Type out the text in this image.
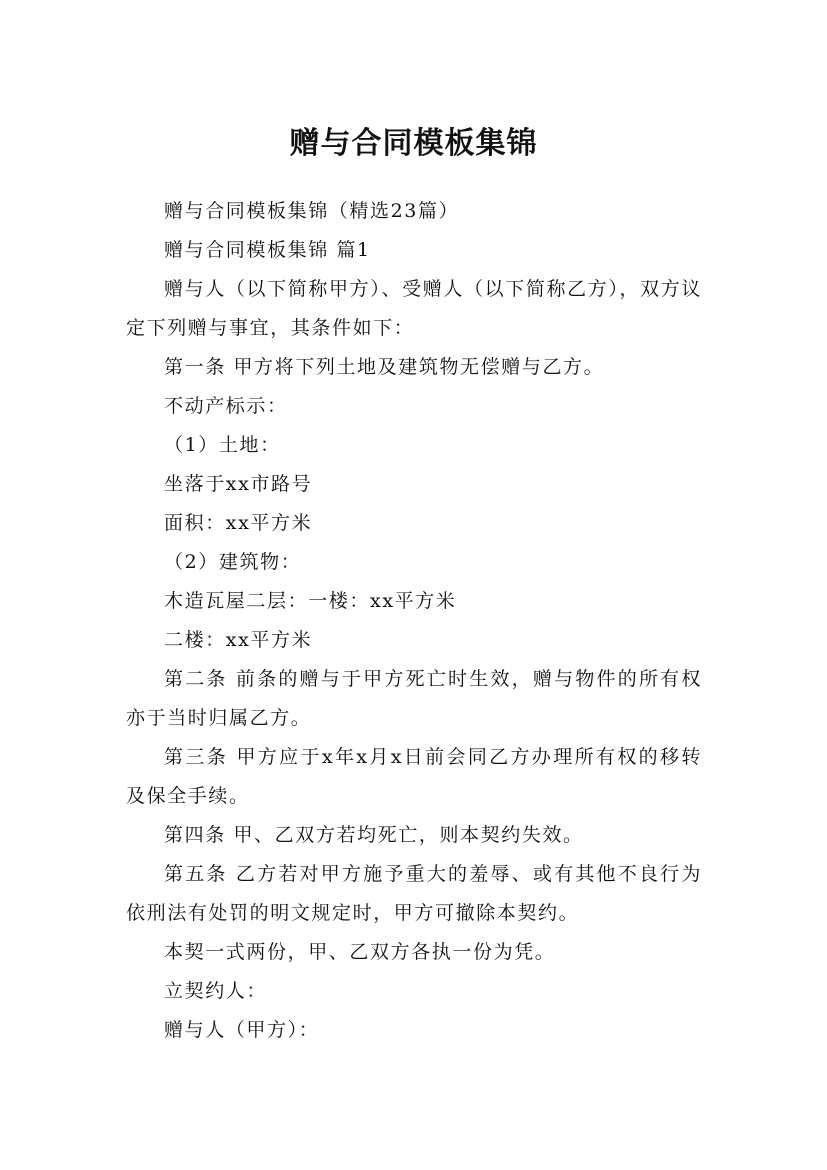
赠与合同模板集锦

赠与合同模板集锦（精选23篇）

赠与合同模板集锦 篇1

赠与人（以下简称甲方）、受赠人（以下简称乙方），双方议定下列赠与事宜，其条件如下：

第一条 甲方将下列土地及建筑物无偿赠与乙方。

不动产标示：

（1）土地：

坐落于xx市路号

面积：xx平方米

（2）建筑物：

木造瓦屋二层：一楼：xx平方米

二楼：xx平方米

第二条 前条的赠与于甲方死亡时生效，赠与物件的所有权亦于当时归属乙方。

第三条 甲方应于x年x月x日前会同乙方办理所有权的移转及保全手续。

第四条 甲、乙双方若均死亡，则本契约失效。

第五条 乙方若对甲方施予重大的羞辱、或有其他不良行为依刑法有处罚的明文规定时，甲方可撤除本契约。

本契一式两份，甲、乙双方各执一份为凭。

立契约人：

赠与人（甲方）：
